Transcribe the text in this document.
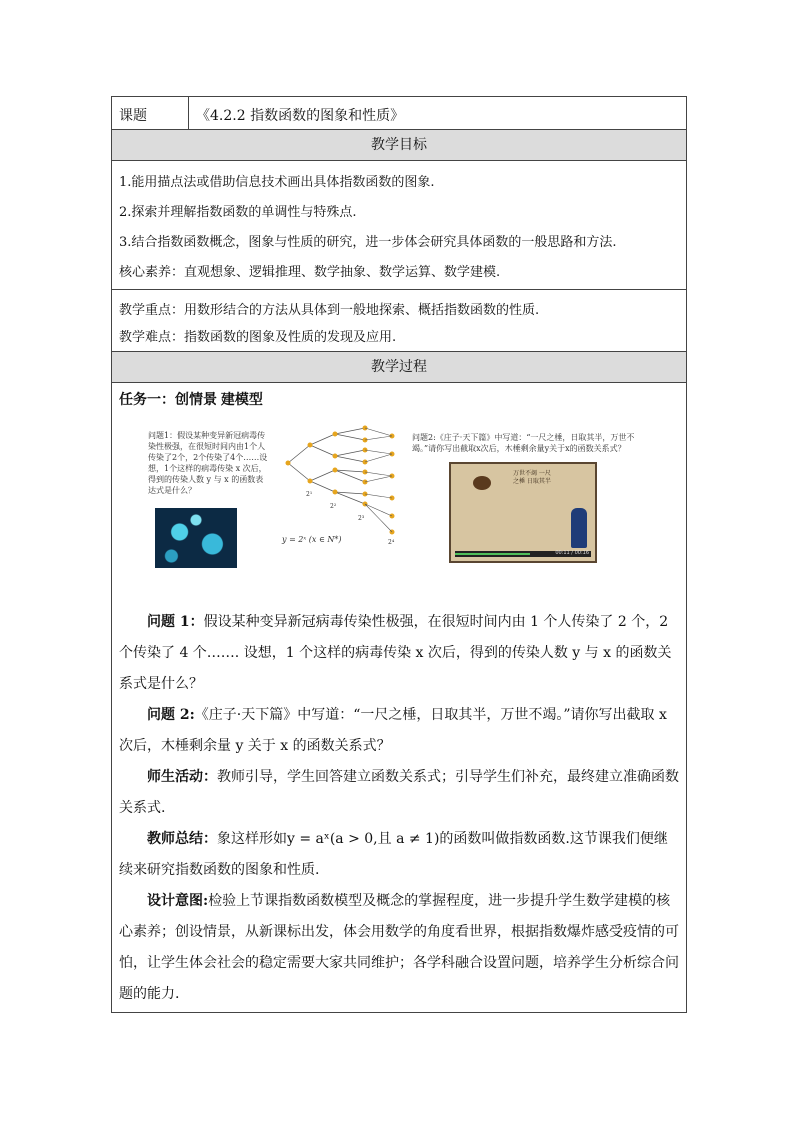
课题	《4.2.2 指数函数的图象和性质》
教学目标

1.能用描点法或借助信息技术画出具体指数函数的图象.

2.探索并理解指数函数的单调性与特殊点.

3.结合指数函数概念，图象与性质的研究，进一步体会研究具体函数的一般思路和方法.

核心素养：直观想象、逻辑推理、数学抽象、数学运算、数学建模.

教学重点：用数形结合的方法从具体到一般地探索、概括指数函数的性质.

教学难点：指数函数的图象及性质的发现及应用.

教学过程
任务一：创情景 建模型

问题 1：假设某种变异新冠病毒传染性极强，在很短时间内由 1 个人传染了 2 个，2 个传染了 4 个……. 设想，1 个这样的病毒传染 x 次后，得到的传染人数 y 与 x 的函数关系式是什么？

问题 2:《庄子·天下篇》中写道：“一尺之棰，日取其半，万世不竭。”请你写出截取 x 次后，木棰剩余量 y 关于 x 的函数关系式？

师生活动：教师引导，学生回答建立函数关系式；引导学生们补充，最终建立准确函数关系式.

教师总结：象这样形如y = aˣ(a > 0,且 a ≠ 1)的函数叫做指数函数.这节课我们便继续来研究指数函数的图象和性质.

设计意图:检验上节课指数函数模型及概念的掌握程度，进一步提升学生数学建模的核心素养；创设情景，从新课标出发，体会用数学的角度看世界，根据指数爆炸感受疫情的可怕，让学生体会社会的稳定需要大家共同维护；各学科融合设置问题，培养学生分析综合问题的能力.

问题1：假设某种变异新冠病毒传染性极强，在很短时间内由1个人传染了2个，2个传染了4个……设想，1个这样的病毒传染 x 次后，得到的传染人数 y 与 x 的函数表达式是什么？	2¹
2²
2³
2⁴
y = 2ˣ (x ∈ N*)
问题2:《庄子·天下篇》中写道：“一尺之棰，日取其半，万世不竭。”请你写出截取x次后，木棰剩余量y关于x的函数关系式？
万世不竭 一尺之棰 日取其半
00:11 / 00:16
